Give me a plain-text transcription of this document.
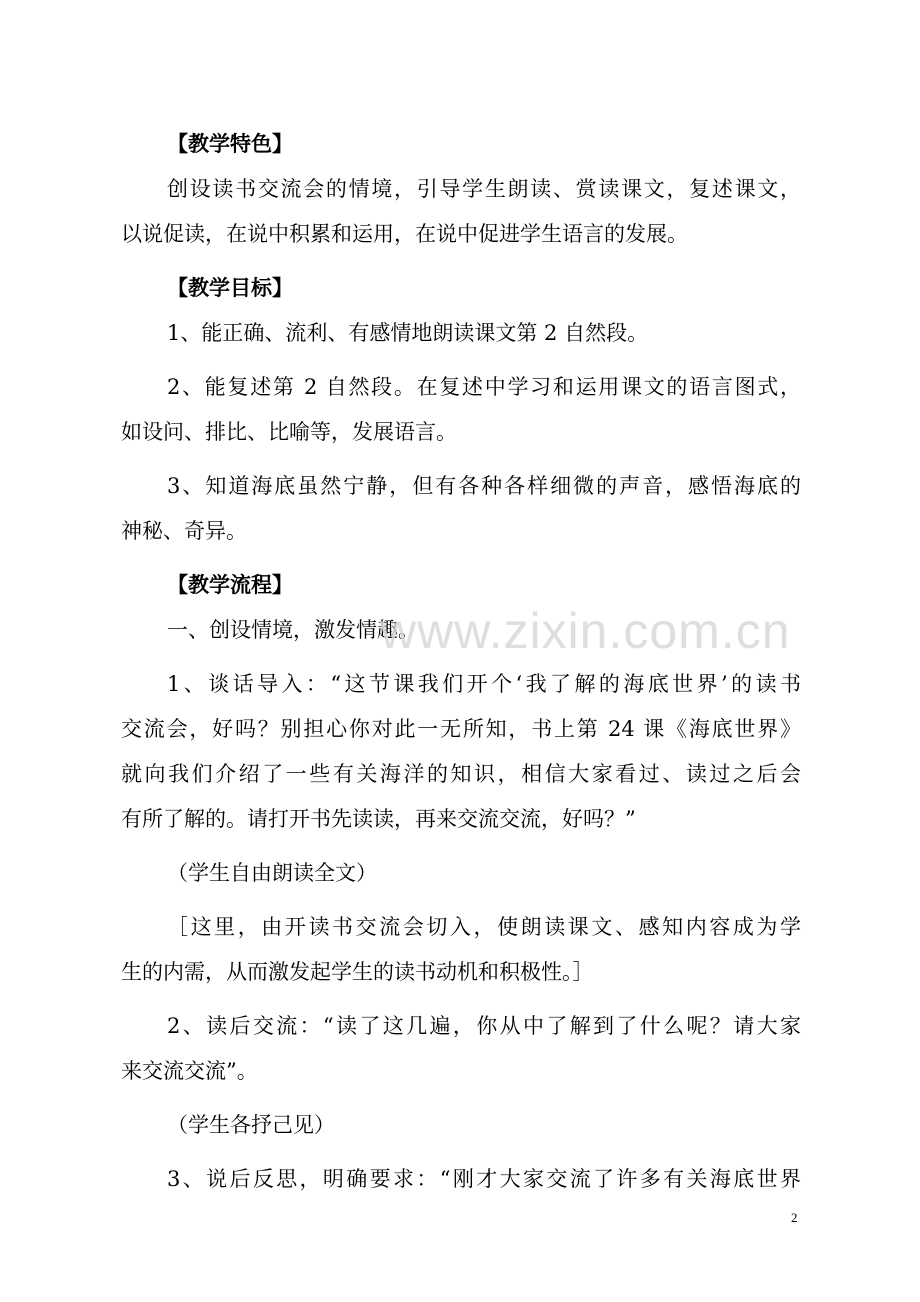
【教学特色】
创设读书交流会的情境，引导学生朗读、赏读课文，复述课文，
以说促读，在说中积累和运用，在说中促进学生语言的发展。
【教学目标】
1、能正确、流利、有感情地朗读课文第 2 自然段。
2、能复述第 2 自然段。在复述中学习和运用课文的语言图式，
如设问、排比、比喻等，发展语言。
3、知道海底虽然宁静，但有各种各样细微的声音，感悟海底的
神秘、奇异。
【教学流程】
一、创设情境，激发情趣。
1、谈话导入：“这节课我们开个‘我了解的海底世界’的读书
交流会，好吗？别担心你对此一无所知，书上第 24 课《海底世界》
就向我们介绍了一些有关海洋的知识，相信大家看过、读过之后会
有所了解的。请打开书先读读，再来交流交流，好吗？”
（学生自由朗读全文）
［这里，由开读书交流会切入，使朗读课文、感知内容成为学
生的内需，从而激发起学生的读书动机和积极性。］
2、读后交流：“读了这几遍，你从中了解到了什么呢？请大家
来交流交流”。
（学生各抒己见）
3、说后反思，明确要求：“刚才大家交流了许多有关海底世界
www.zixin.com.cn
2
